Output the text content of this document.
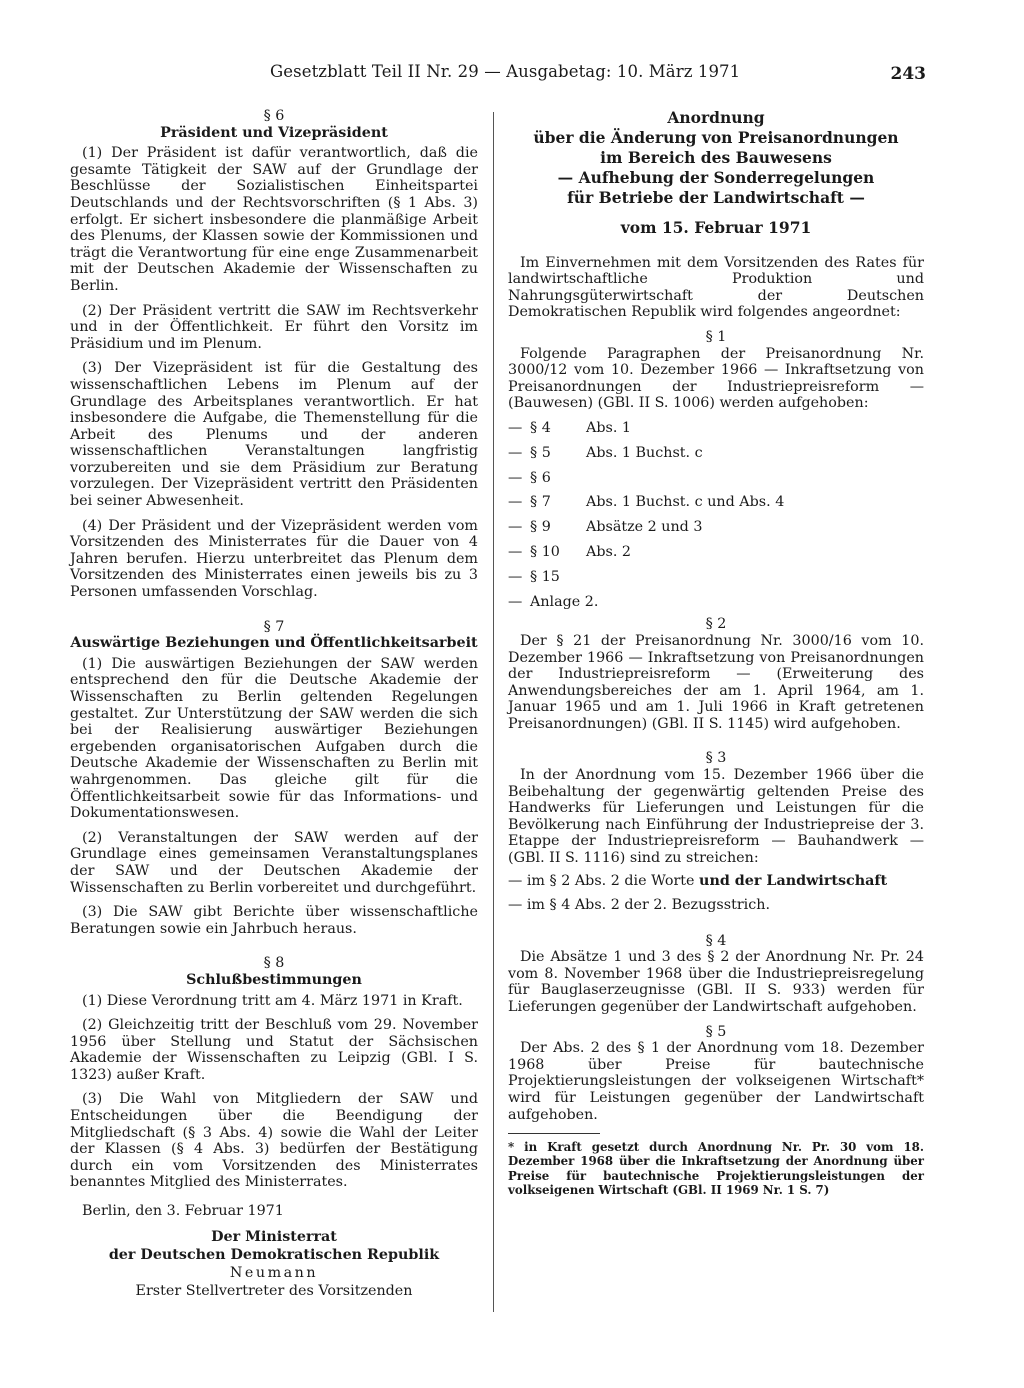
Gesetzblatt Teil II Nr. 29 — Ausgabetag: 10. März 1971	243
§ 6
Präsident und Vizepräsident

(1) Der Präsident ist dafür verantwortlich, daß die gesamte Tätigkeit der SAW auf der Grundlage der Beschlüsse der Sozialistischen Einheitspartei Deutschlands und der Rechtsvorschriften (§ 1 Abs. 3) erfolgt. Er sichert insbesondere die planmäßige Arbeit des Plenums, der Klassen sowie der Kommissionen und trägt die Verantwortung für eine enge Zusammenarbeit mit der Deutschen Akademie der Wissenschaften zu Berlin.

(2) Der Präsident vertritt die SAW im Rechtsverkehr und in der Öffentlichkeit. Er führt den Vorsitz im Präsidium und im Plenum.

(3) Der Vizepräsident ist für die Gestaltung des wissenschaftlichen Lebens im Plenum auf der Grundlage des Arbeitsplanes verantwortlich. Er hat insbesondere die Aufgabe, die Themenstellung für die Arbeit des Plenums und der anderen wissenschaftlichen Veranstaltungen langfristig vorzubereiten und sie dem Präsidium zur Beratung vorzulegen. Der Vizepräsident vertritt den Präsidenten bei seiner Abwesenheit.

(4) Der Präsident und der Vizepräsident werden vom Vorsitzenden des Ministerrates für die Dauer von 4 Jahren berufen. Hierzu unterbreitet das Plenum dem Vorsitzenden des Ministerrates einen jeweils bis zu 3 Personen umfassenden Vorschlag.

§ 7
Auswärtige Beziehungen und Öffentlichkeitsarbeit

(1) Die auswärtigen Beziehungen der SAW werden entsprechend den für die Deutsche Akademie der Wissenschaften zu Berlin geltenden Regelungen gestaltet. Zur Unterstützung der SAW werden die sich bei der Realisierung auswärtiger Beziehungen ergebenden organisatorischen Aufgaben durch die Deutsche Akademie der Wissenschaften zu Berlin mit wahrgenommen. Das gleiche gilt für die Öffentlichkeitsarbeit sowie für das Informations- und Dokumentationswesen.

(2) Veranstaltungen der SAW werden auf der Grundlage eines gemeinsamen Veranstaltungsplanes der SAW und der Deutschen Akademie der Wissenschaften zu Berlin vorbereitet und durchgeführt.

(3) Die SAW gibt Berichte über wissenschaftliche Beratungen sowie ein Jahrbuch heraus.

§ 8
Schlußbestimmungen

(1) Diese Verordnung tritt am 4. März 1971 in Kraft.

(2) Gleichzeitig tritt der Beschluß vom 29. November 1956 über Stellung und Statut der Sächsischen Akademie der Wissenschaften zu Leipzig (GBl. I S. 1323) außer Kraft.

(3) Die Wahl von Mitgliedern der SAW und Entscheidungen über die Beendigung der Mitgliedschaft (§ 3 Abs. 4) sowie die Wahl der Leiter der Klassen (§ 4 Abs. 3) bedürfen der Bestätigung durch ein vom Vorsitzenden des Ministerrates benanntes Mitglied des Ministerrates.

Berlin, den 3. Februar 1971

Der Ministerrat
der Deutschen Demokratischen Republik
Neumann
Erster Stellvertreter des Vorsitzenden
Anordnung
über die Änderung von Preisanordnungen
im Bereich des Bauwesens
— Aufhebung der Sonderregelungen
für Betriebe der Landwirtschaft —
vom 15. Februar 1971

Im Einvernehmen mit dem Vorsitzenden des Rates für landwirtschaftliche Produktion und Nahrungsgüterwirtschaft der Deutschen Demokratischen Republik wird folgendes angeordnet:

§ 1

Folgende Paragraphen der Preisanordnung Nr. 3000/12 vom 10. Dezember 1966 — Inkraftsetzung von Preisanordnungen der Industriepreisreform — (Bauwesen) (GBl. II S. 1006) werden aufgehoben:

— § 4	Abs. 1
— § 5	Abs. 1 Buchst. c
— § 6
— § 7	Abs. 1 Buchst. c und Abs. 4
— § 9	Absätze 2 und 3
— § 10	Abs. 2
— § 15
— Anlage 2.
§ 2

Der § 21 der Preisanordnung Nr. 3000/16 vom 10. Dezember 1966 — Inkraftsetzung von Preisanordnungen der Industriepreisreform — (Erweiterung des Anwendungsbereiches der am 1. April 1964, am 1. Januar 1965 und am 1. Juli 1966 in Kraft getretenen Preisanordnungen) (GBl. II S. 1145) wird aufgehoben.

§ 3

In der Anordnung vom 15. Dezember 1966 über die Beibehaltung der gegenwärtig geltenden Preise des Handwerks für Lieferungen und Leistungen für die Bevölkerung nach Einführung der Industriepreise der 3. Etappe der Industriepreisreform — Bauhandwerk — (GBl. II S. 1116) sind zu streichen:

— im § 2 Abs. 2 die Worte und der Landwirtschaft
— im § 4 Abs. 2 der 2. Bezugsstrich.
§ 4

Die Absätze 1 und 3 des § 2 der Anordnung Nr. Pr. 24 vom 8. November 1968 über die Industriepreisregelung für Bauglaserzeugnisse (GBl. II S. 933) werden für Lieferungen gegenüber der Landwirtschaft aufgehoben.

§ 5

Der Abs. 2 des § 1 der Anordnung vom 18. Dezember 1968 über Preise für bautechnische Projektierungsleistungen der volkseigenen Wirtschaft* wird für Leistungen gegenüber der Landwirtschaft aufgehoben.

* in Kraft gesetzt durch Anordnung Nr. Pr. 30 vom 18. Dezember 1968 über die Inkraftsetzung der Anordnung über Preise für bautechnische Projektierungsleistungen der volkseigenen Wirtschaft (GBl. II 1969 Nr. 1 S. 7)
